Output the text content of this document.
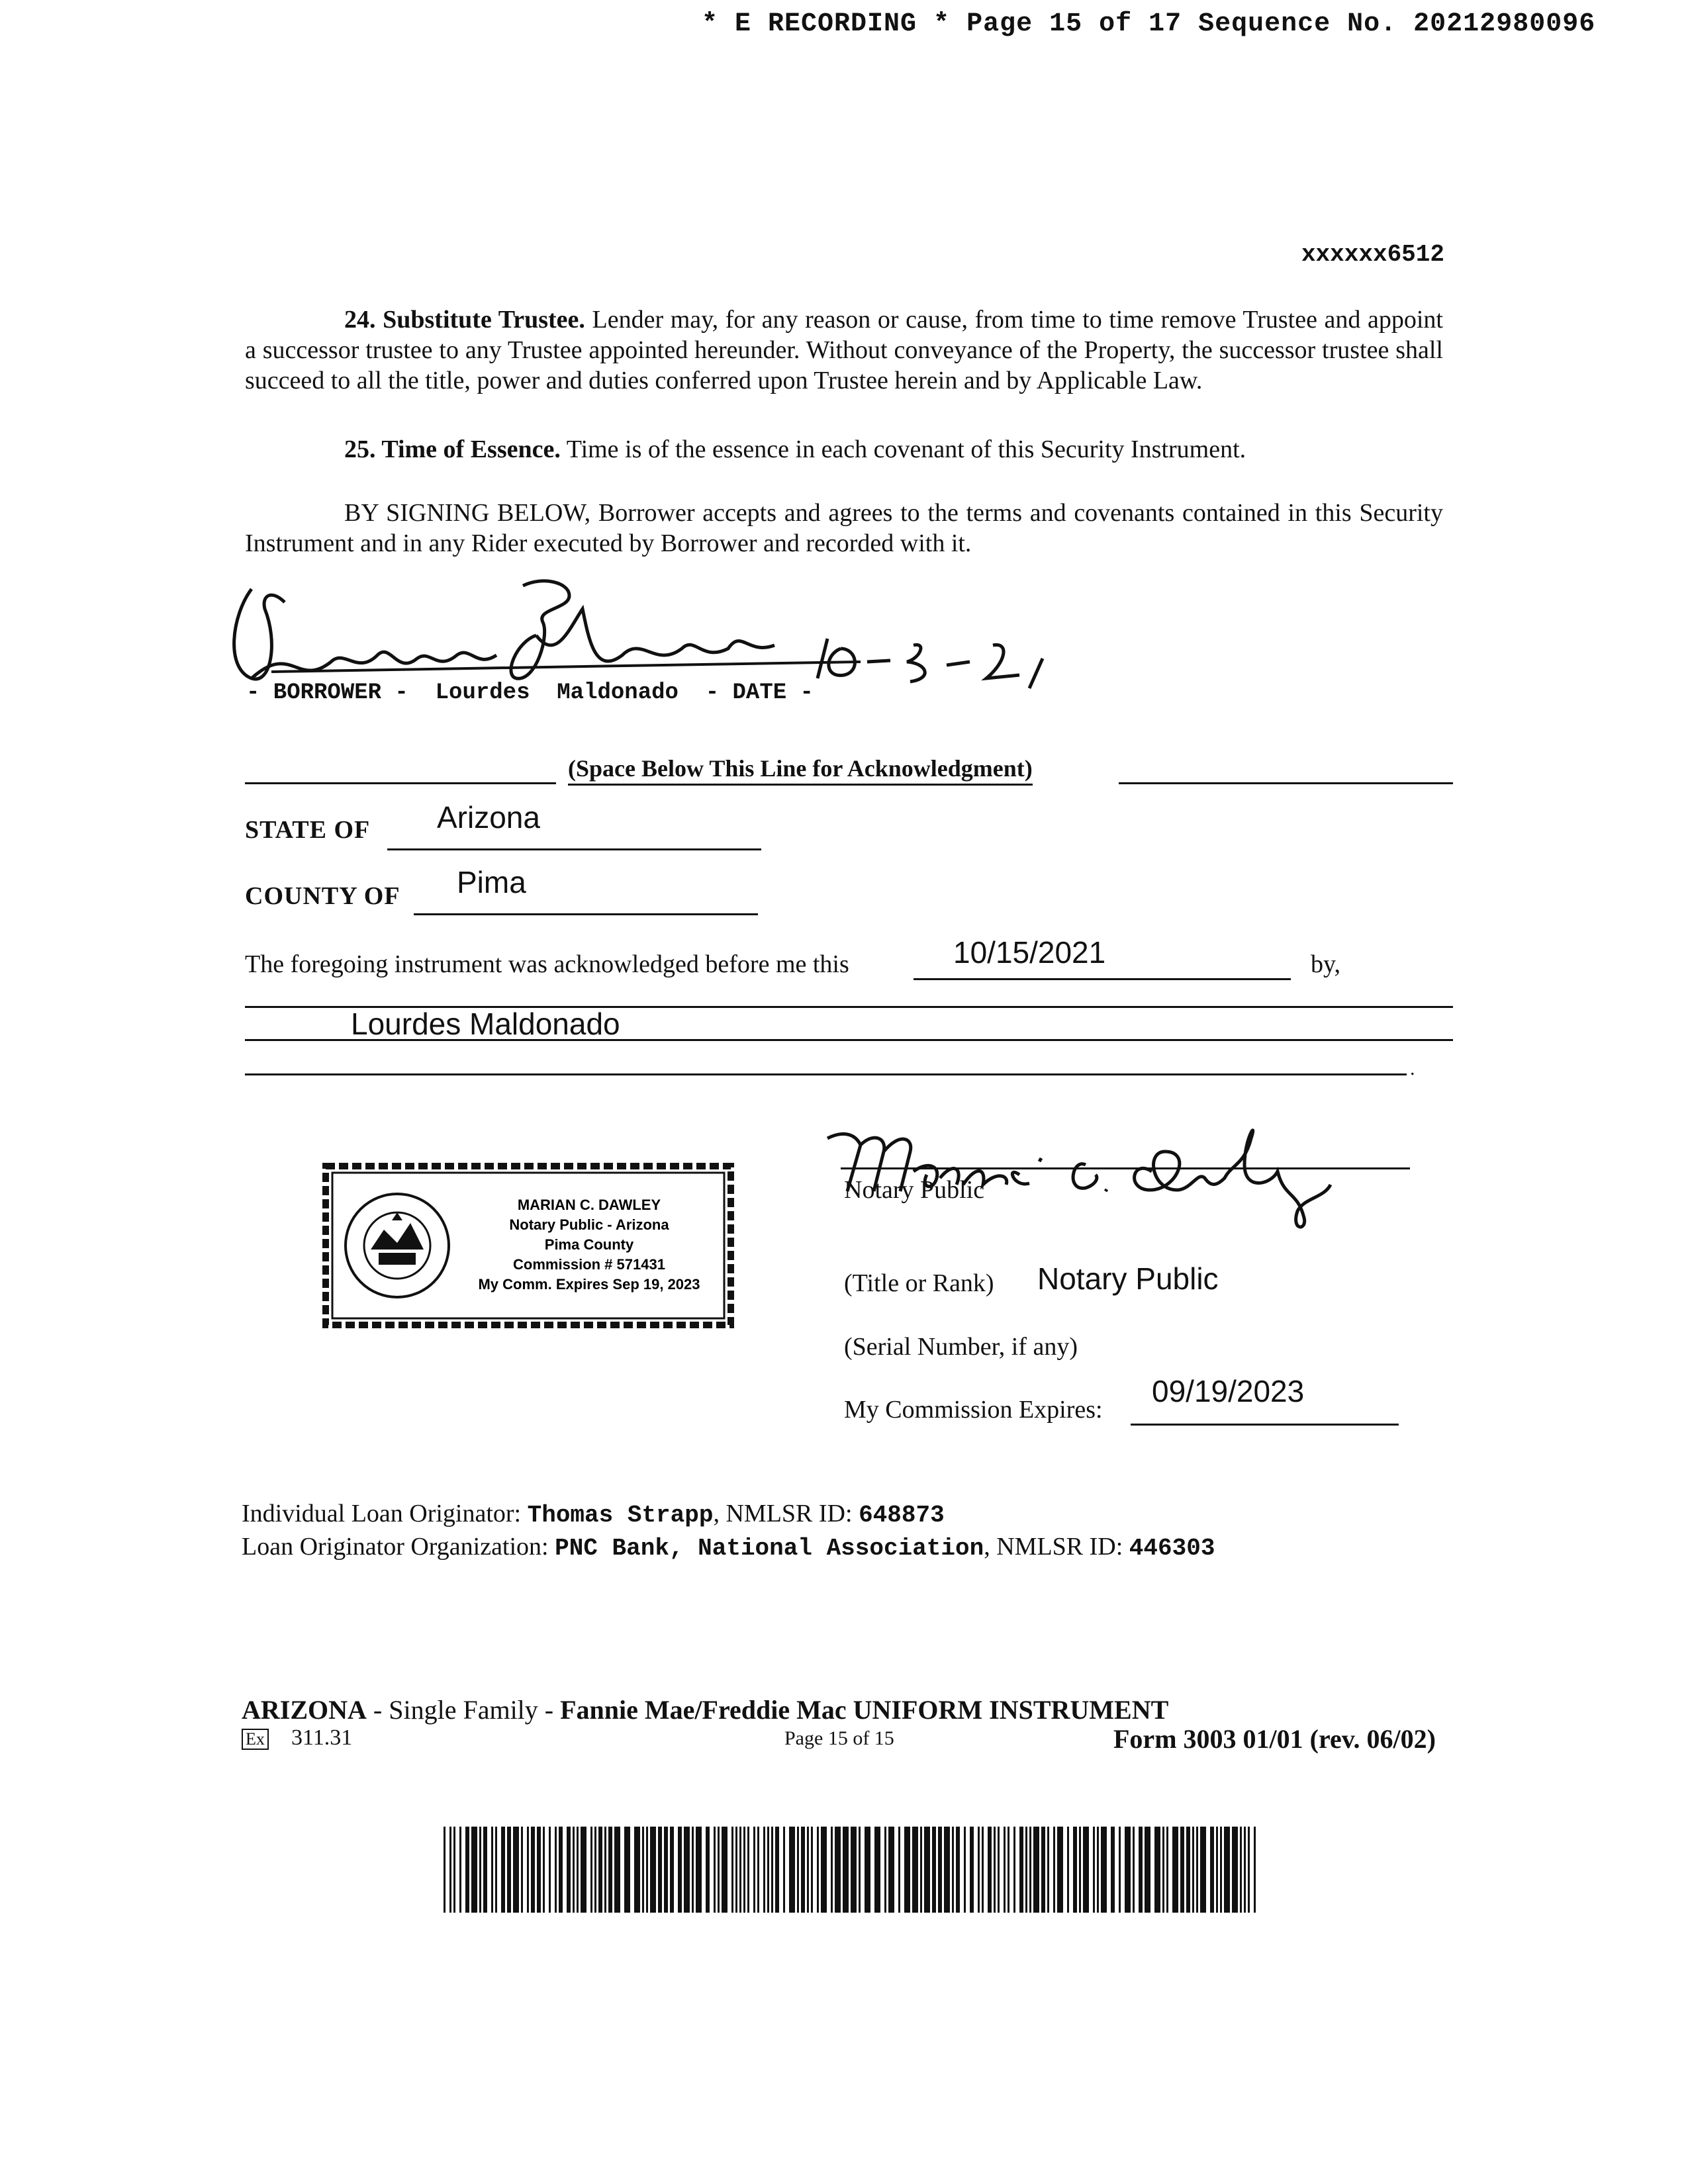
* E RECORDING * Page 15 of 17 Sequence No. 20212980096
xxxxxx6512
24. Substitute Trustee. Lender may, for any reason or cause, from time to time remove Trustee and appoint a successor trustee to any Trustee appointed hereunder. Without conveyance of the Property, the successor trustee shall succeed to all the title, power and duties conferred upon Trustee herein and by Applicable Law.
25. Time of Essence. Time is of the essence in each covenant of this Security Instrument.
BY SIGNING BELOW, Borrower accepts and agrees to the terms and covenants contained in this Security Instrument and in any Rider executed by Borrower and recorded with it.
- BORROWER -  Lourdes  Maldonado  - DATE -
(Space Below This Line for Acknowledgment)
STATE OF Arizona
COUNTY OF Pima
The foregoing instrument was acknowledged before me this	10/15/2021	by,
Lourdes Maldonado
.
MARIAN C. DAWLEY
Notary Public - Arizona
Pima County
Commission # 571431
My Comm. Expires Sep 19, 2023
Notary Public
(Title or Rank) Notary Public
(Serial Number, if any)
My Commission Expires:
09/19/2023
Individual Loan Originator: Thomas Strapp, NMLSR ID: 648873
Loan Originator Organization: PNC Bank, National Association, NMLSR ID: 446303
ARIZONA - Single Family - Fannie Mae/Freddie Mac UNIFORM INSTRUMENT
Ex 311.31	Page 15 of 15	Form 3003 01/01 (rev. 06/02)
